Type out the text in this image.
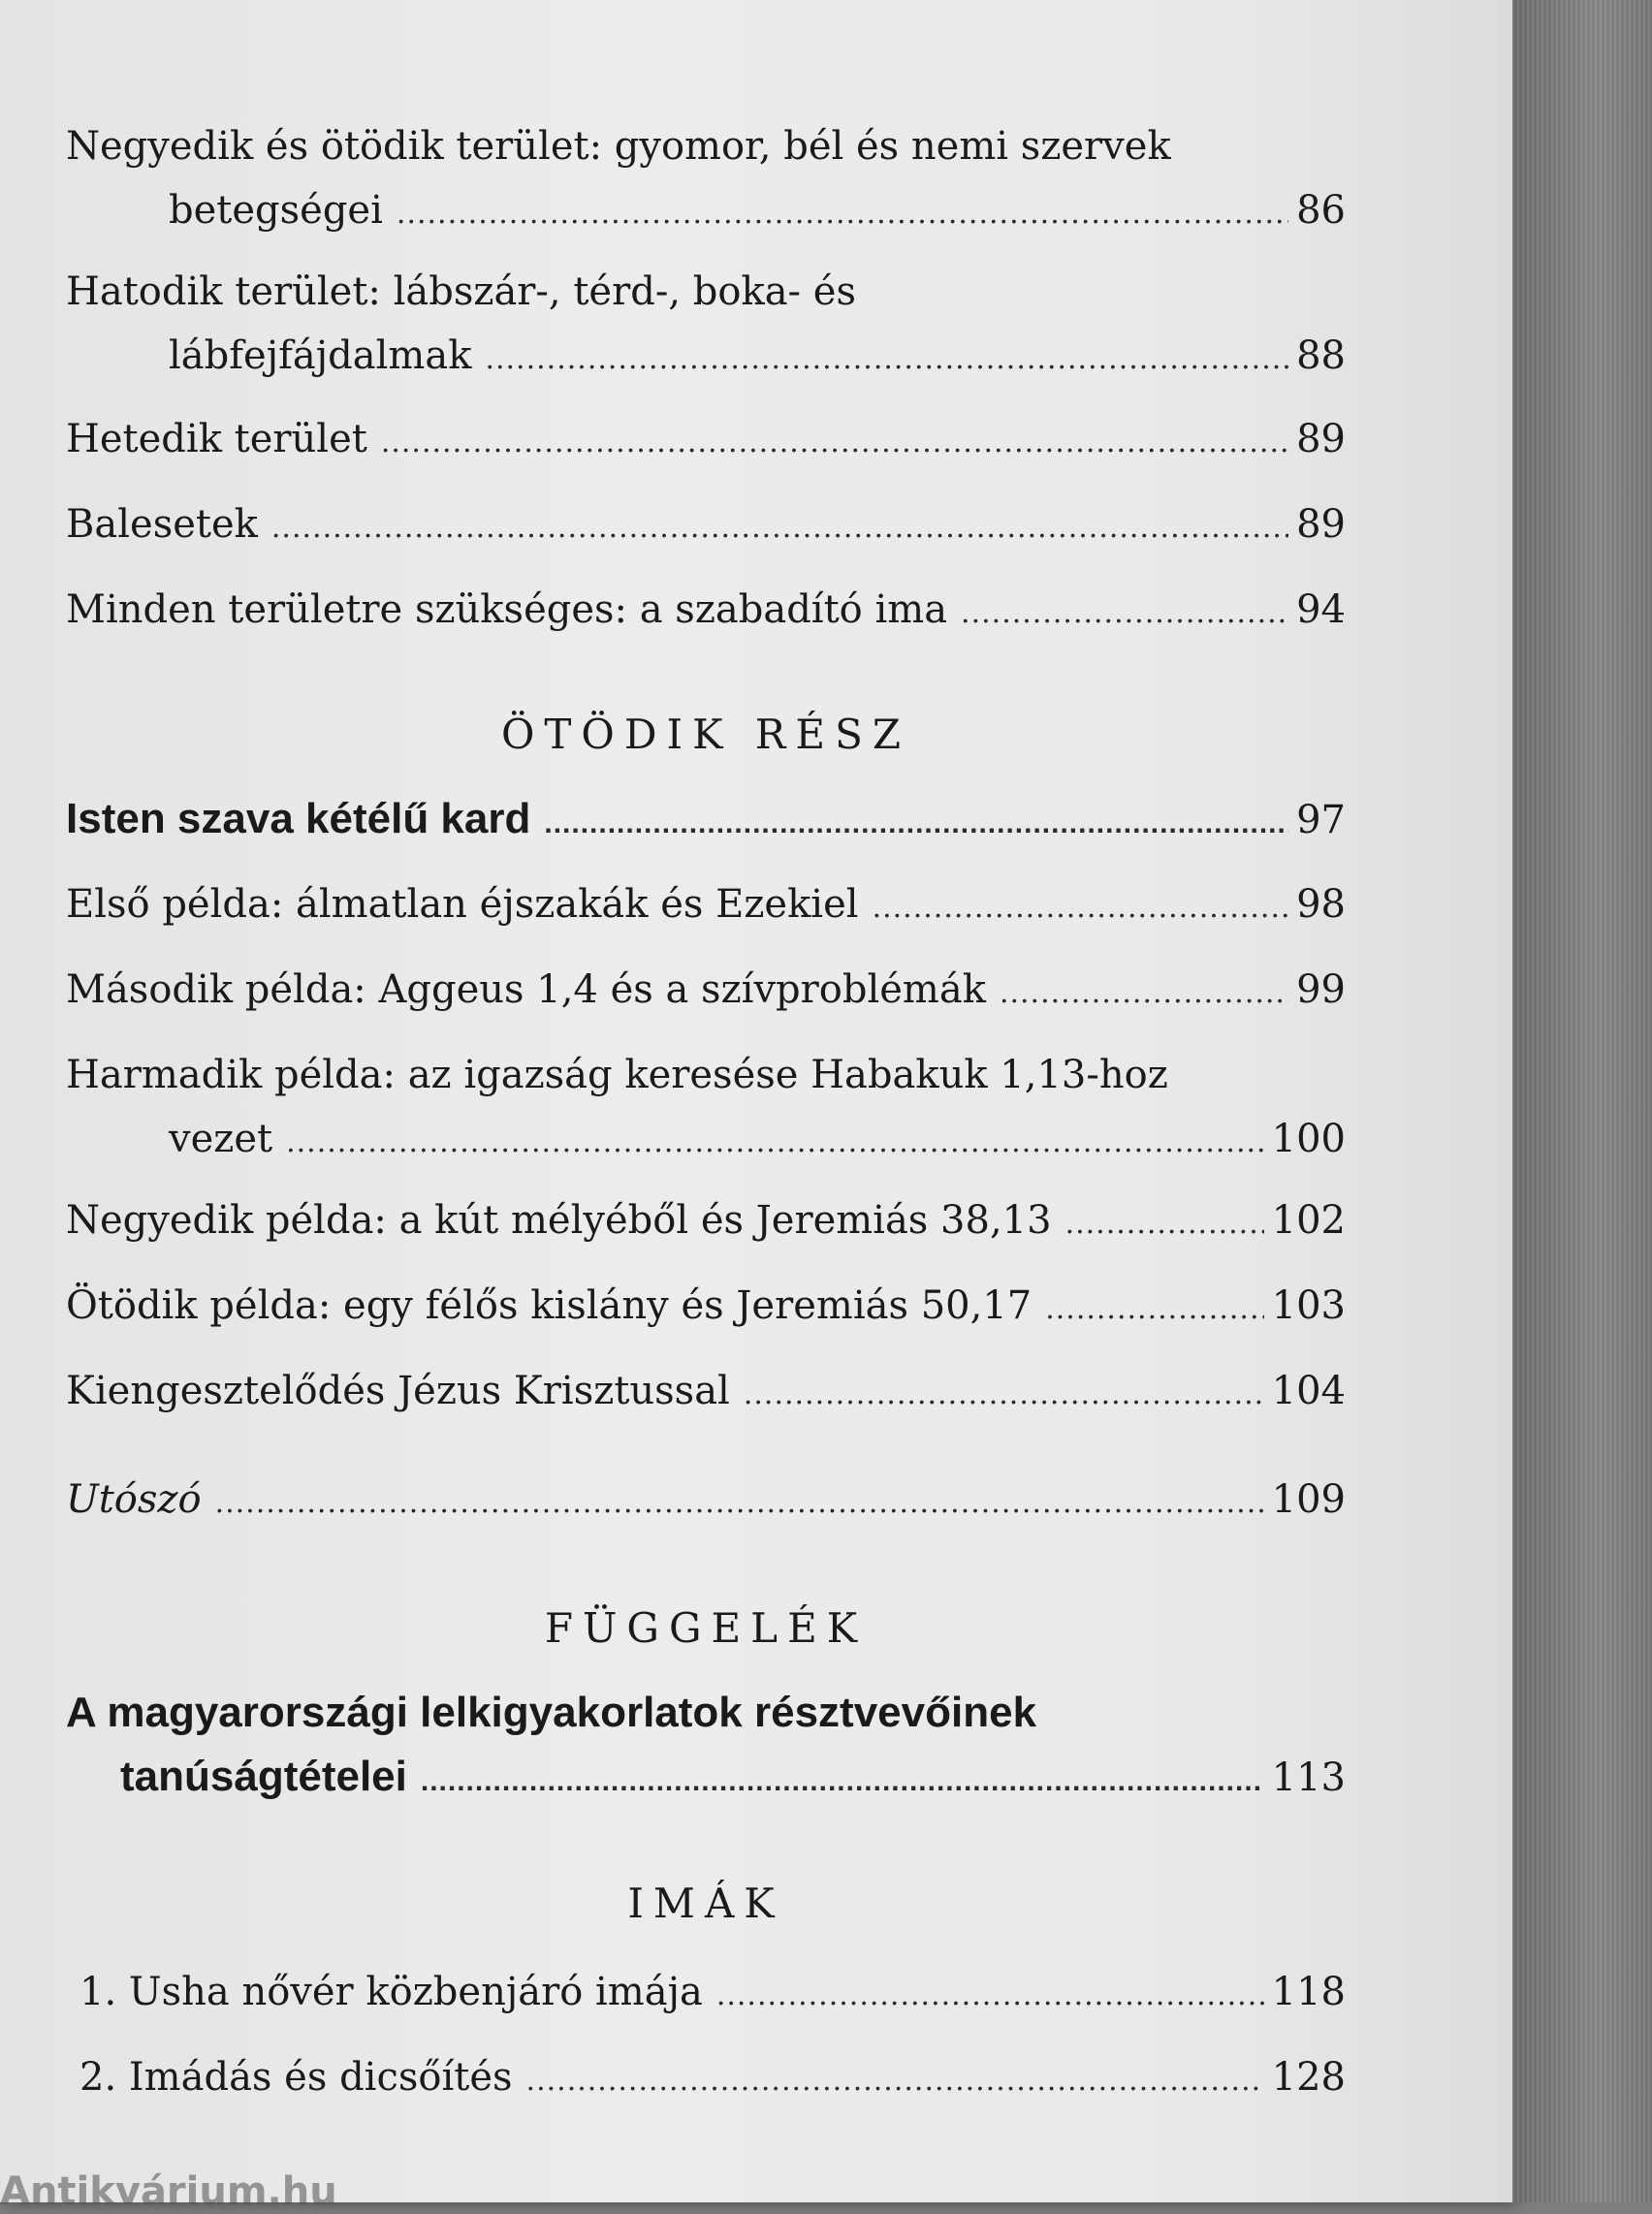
Negyedik és ötödik terület: gyomor, bél és nemi szervek
betegségei .....	86
Hatodik terület: lábszár-, térd-, boka- és
lábfejfájdalmak .....	88
Hetedik terület .....	89
Balesetek .....	89
Minden területre szükséges: a szabadító ima .....	94
ÖTÖDIK RÉSZ
Isten szava kétélű kard .....	97
Első példa: álmatlan éjszakák és Ezekiel .....	98
Második példa: Aggeus 1,4 és a szívproblémák .....	99
Harmadik példa: az igazság keresése Habakuk 1,13-hoz
vezet .....	100
Negyedik példa: a kút mélyéből és Jeremiás 38,13 .....	102
Ötödik példa: egy félős kislány és Jeremiás 50,17 .....	103
Kiengesztelődés Jézus Krisztussal .....	104
Utószó .....	109
FÜGGELÉK
A magyarországi lelkigyakorlatok résztvevőinek
tanúságtételei .....	113
IMÁK
1. Usha nővér közbenjáró imája .....	118
2. Imádás és dicsőítés .....	128
Antikvárium.hu
